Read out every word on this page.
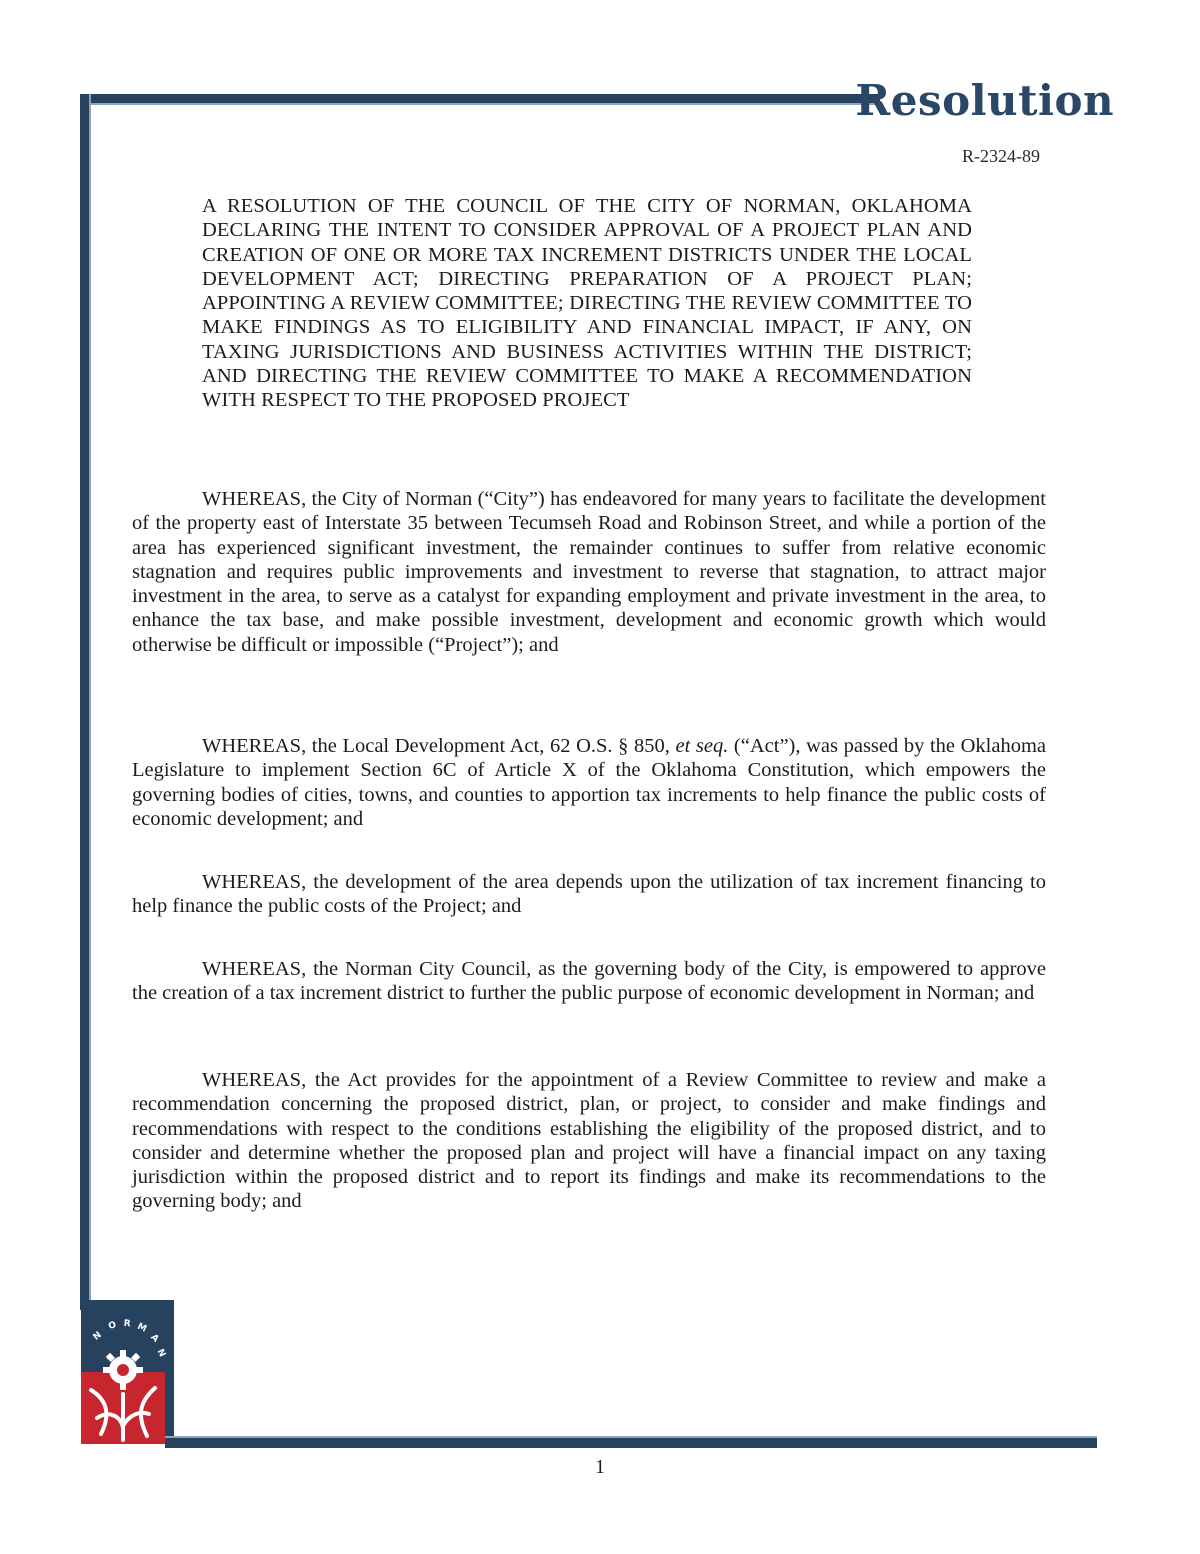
Resolution
R-2324-89
A RESOLUTION OF THE COUNCIL OF THE CITY OF NORMAN, OKLAHOMA DECLARING THE INTENT TO CONSIDER APPROVAL OF A PROJECT PLAN AND CREATION OF ONE OR MORE TAX INCREMENT DISTRICTS UNDER THE LOCAL DEVELOPMENT ACT; DIRECTING PREPARATION OF A PROJECT PLAN; APPOINTING A REVIEW COMMITTEE; DIRECTING THE REVIEW COMMITTEE TO MAKE FINDINGS AS TO ELIGIBILITY AND FINANCIAL IMPACT, IF ANY, ON TAXING JURISDICTIONS AND BUSINESS ACTIVITIES WITHIN THE DISTRICT; AND DIRECTING THE REVIEW COMMITTEE TO MAKE A RECOMMENDATION WITH RESPECT TO THE PROPOSED PROJECT
WHEREAS, the City of Norman (“City”) has endeavored for many years to facilitate the development of the property east of Interstate 35 between Tecumseh Road and Robinson Street, and while a portion of the area has experienced significant investment, the remainder continues to suffer from relative economic stagnation and requires public improvements and investment to reverse that stagnation, to attract major investment in the area, to serve as a catalyst for expanding employment and private investment in the area, to enhance the tax base, and make possible investment, development and economic growth which would otherwise be difficult or impossible (“Project”); and
WHEREAS, the Local Development Act, 62 O.S. § 850, et seq. (“Act”), was passed by the Oklahoma Legislature to implement Section 6C of Article X of the Oklahoma Constitution, which empowers the governing bodies of cities, towns, and counties to apportion tax increments to help finance the public costs of economic development; and
WHEREAS, the development of the area depends upon the utilization of tax increment financing to help finance the public costs of the Project; and
WHEREAS, the Norman City Council, as the governing body of the City, is empowered to approve the creation of a tax increment district to further the public purpose of economic development in Norman; and
WHEREAS, the Act provides for the appointment of a Review Committee to review and make a recommendation concerning the proposed district, plan, or project, to consider and make findings and recommendations with respect to the conditions establishing the eligibility of the proposed district, and to consider and determine whether the proposed plan and project will have a financial impact on any taxing jurisdiction within the proposed district and to report its findings and make its recommendations to the governing body; and
N
O R M
A
N
1
